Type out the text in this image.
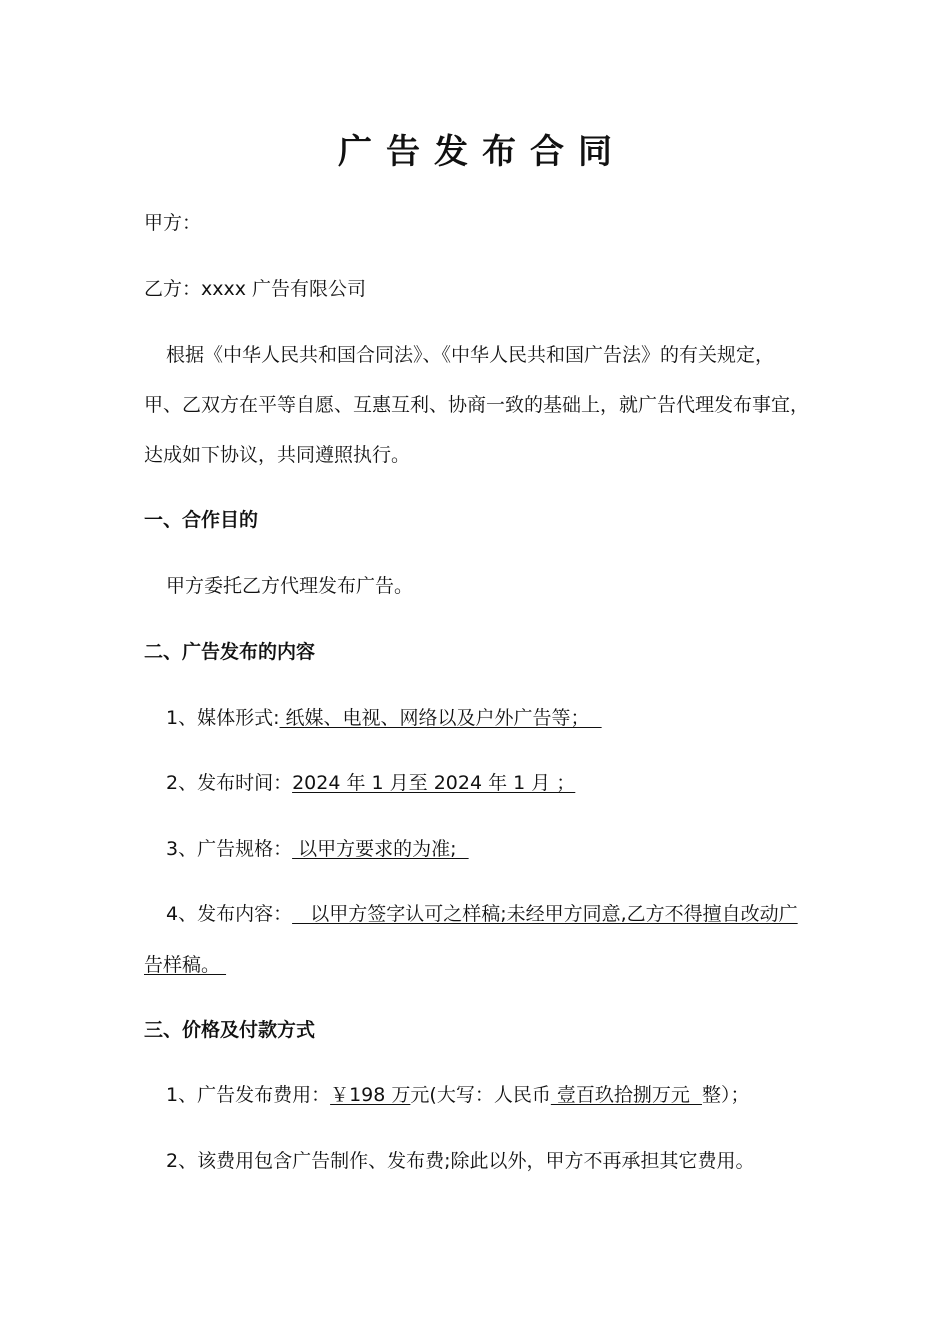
广告发布合同
甲方：
乙方：xxxx 广告有限公司
根据《中华人民共和国合同法》、《中华人民共和国广告法》的有关规定，
甲、乙双方在平等自愿、互惠互利、协商一致的基础上，就广告代理发布事宜，
达成如下协议，共同遵照执行。
一、合作目的
甲方委托乙方代理发布广告。
二、广告发布的内容
1、媒体形式: 纸媒、电视、网络以及户外广告等；
2、发布时间：2024 年 1 月至 2024 年 1 月 ；
3、广告规格： 以甲方要求的为准;
4、发布内容：   以甲方签字认可之样稿;未经甲方同意,乙方不得擅自改动广
告样稿。
三、价格及付款方式
1、广告发布费用：￥198 万元(大写：人民币 壹百玖拾捌万元  整）；
2、该费用包含广告制作、发布费;除此以外，甲方不再承担其它费用。
